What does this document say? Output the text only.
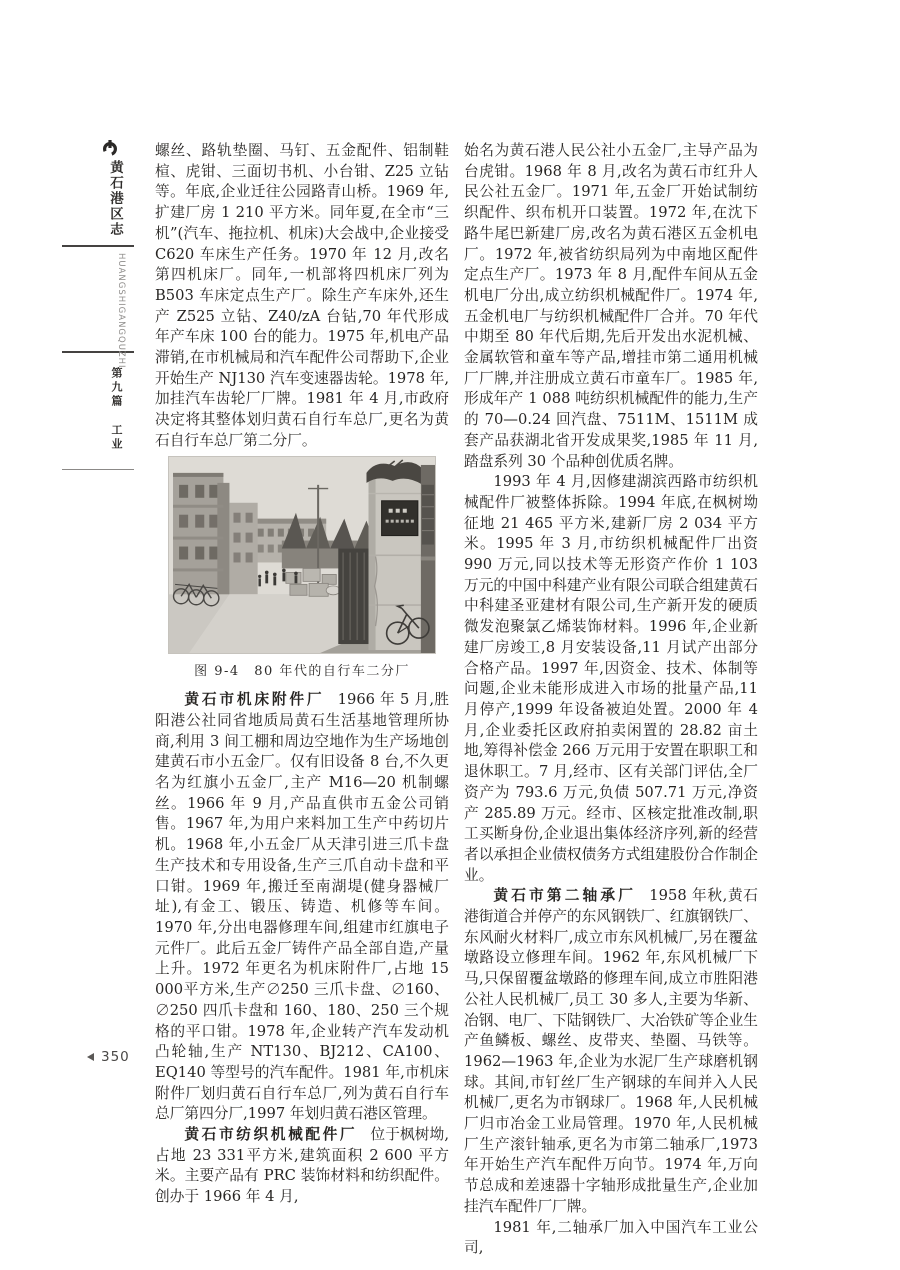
黄石港区志
HUANGSHIGANGQUZHI
第九篇
工业

螺丝、路轨垫圈、马钉、五金配件、铝制鞋楦、虎钳、三面切书机、小台钳、Z25 立钻等。年底,企业迁往公园路青山桥。1969 年,扩建厂房 1 210 平方米。同年夏,在全市“三机”(汽车、拖拉机、机床)大会战中,企业接受 C620 车床生产任务。1970 年 12 月,改名第四机床厂。同年,一机部将四机床厂列为 B503 车床定点生产厂。除生产车床外,还生产 Z525 立钻、Z40/zA 台钻,70 年代形成年产车床 100 台的能力。1975 年,机电产品滞销,在市机械局和汽车配件公司帮助下,企业开始生产 NJ130 汽车变速器齿轮。1978 年,加挂汽车齿轮厂厂牌。1981 年 4 月,市政府决定将其整体划归黄石自行车总厂,更名为黄石自行车总厂第二分厂。

图 9-4　80 年代的自行车二分厂

黄石市机床附件厂 1966 年 5 月,胜阳港公社同省地质局黄石生活基地管理所协商,利用 3 间工棚和周边空地作为生产场地创建黄石市小五金厂。仅有旧设备 8 台,不久更名为红旗小五金厂,主产 M16—20 机制螺丝。1966 年 9 月,产品直供市五金公司销售。1967 年,为用户来料加工生产中药切片机。1968 年,小五金厂从天津引进三爪卡盘生产技术和专用设备,生产三爪自动卡盘和平口钳。1969 年,搬迁至南湖堤(健身器械厂址),有金工、锻压、铸造、机修等车间。1970 年,分出电器修理车间,组建市红旗电子元件厂。此后五金厂铸件产品全部自造,产量上升。1972 年更名为机床附件厂,占地 15 000平方米,生产∅250 三爪卡盘、∅160、∅250 四爪卡盘和 160、180、250 三个规格的平口钳。1978 年,企业转产汽车发动机凸轮轴,生产 NT130、BJ212、CA100、EQ140 等型号的汽车配件。1981 年,市机床附件厂划归黄石自行车总厂,列为黄石自行车总厂第四分厂,1997 年划归黄石港区管理。

黄石市纺织机械配件厂 位于枫树坳,占地 23 331平方米,建筑面积 2 600 平方米。主要产品有 PRC 装饰材料和纺织配件。创办于 1966 年 4 月,

始名为黄石港人民公社小五金厂,主导产品为台虎钳。1968 年 8 月,改名为黄石市红升人民公社五金厂。1971 年,五金厂开始试制纺织配件、织布机开口装置。1972 年,在沈下路牛尾巴新建厂房,改名为黄石港区五金机电厂。1972 年,被省纺织局列为中南地区配件定点生产厂。1973 年 8 月,配件车间从五金机电厂分出,成立纺织机械配件厂。1974 年,五金机电厂与纺织机械配件厂合并。70 年代中期至 80 年代后期,先后开发出水泥机械、金属软管和童车等产品,增挂市第二通用机械厂厂牌,并注册成立黄石市童车厂。1985 年,形成年产 1 088 吨纺织机械配件的能力,生产的 70—0.24 回汽盘、7511M、1511M 成套产品获湖北省开发成果奖,1985 年 11 月,踏盘系列 30 个品种创优质名牌。

1993 年 4 月,因修建湖滨西路市纺织机械配件厂被整体拆除。1994 年底,在枫树坳征地 21 465 平方米,建新厂房 2 034 平方米。1995 年 3 月,市纺织机械配件厂出资 990 万元,同以技术等无形资产作价 1 103 万元的中国中科建产业有限公司联合组建黄石中科建圣亚建材有限公司,生产新开发的硬质微发泡聚氯乙烯装饰材料。1996 年,企业新建厂房竣工,8 月安装设备,11 月试产出部分合格产品。1997 年,因资金、技术、体制等问题,企业未能形成进入市场的批量产品,11 月停产,1999 年设备被迫处置。2000 年 4 月,企业委托区政府拍卖闲置的 28.82 亩土地,筹得补偿金 266 万元用于安置在职职工和退休职工。7 月,经市、区有关部门评估,全厂资产为 793.6 万元,负债 507.71 万元,净资产 285.89 万元。经市、区核定批准改制,职工买断身份,企业退出集体经济序列,新的经营者以承担企业债权债务方式组建股份合作制企业。

黄石市第二轴承厂 1958 年秋,黄石港街道合并停产的东风钢铁厂、红旗钢铁厂、东风耐火材料厂,成立市东风机械厂,另在覆盆墩路设立修理车间。1962 年,东风机械厂下马,只保留覆盆墩路的修理车间,成立市胜阳港公社人民机械厂,员工 30 多人,主要为华新、冶钢、电厂、下陆钢铁厂、大冶铁矿等企业生产鱼鳞板、螺丝、皮带夹、垫圈、马铁等。1962—1963 年,企业为水泥厂生产球磨机钢球。其间,市钉丝厂生产钢球的车间并入人民机械厂,更名为市钢球厂。1968 年,人民机械厂归市冶金工业局管理。1970 年,人民机械厂生产滚针轴承,更名为市第二轴承厂,1973 年开始生产汽车配件万向节。1974 年,万向节总成和差速器十字轴形成批量生产,企业加挂汽车配件厂厂牌。

1981 年,二轴承厂加入中国汽车工业公司,

350
